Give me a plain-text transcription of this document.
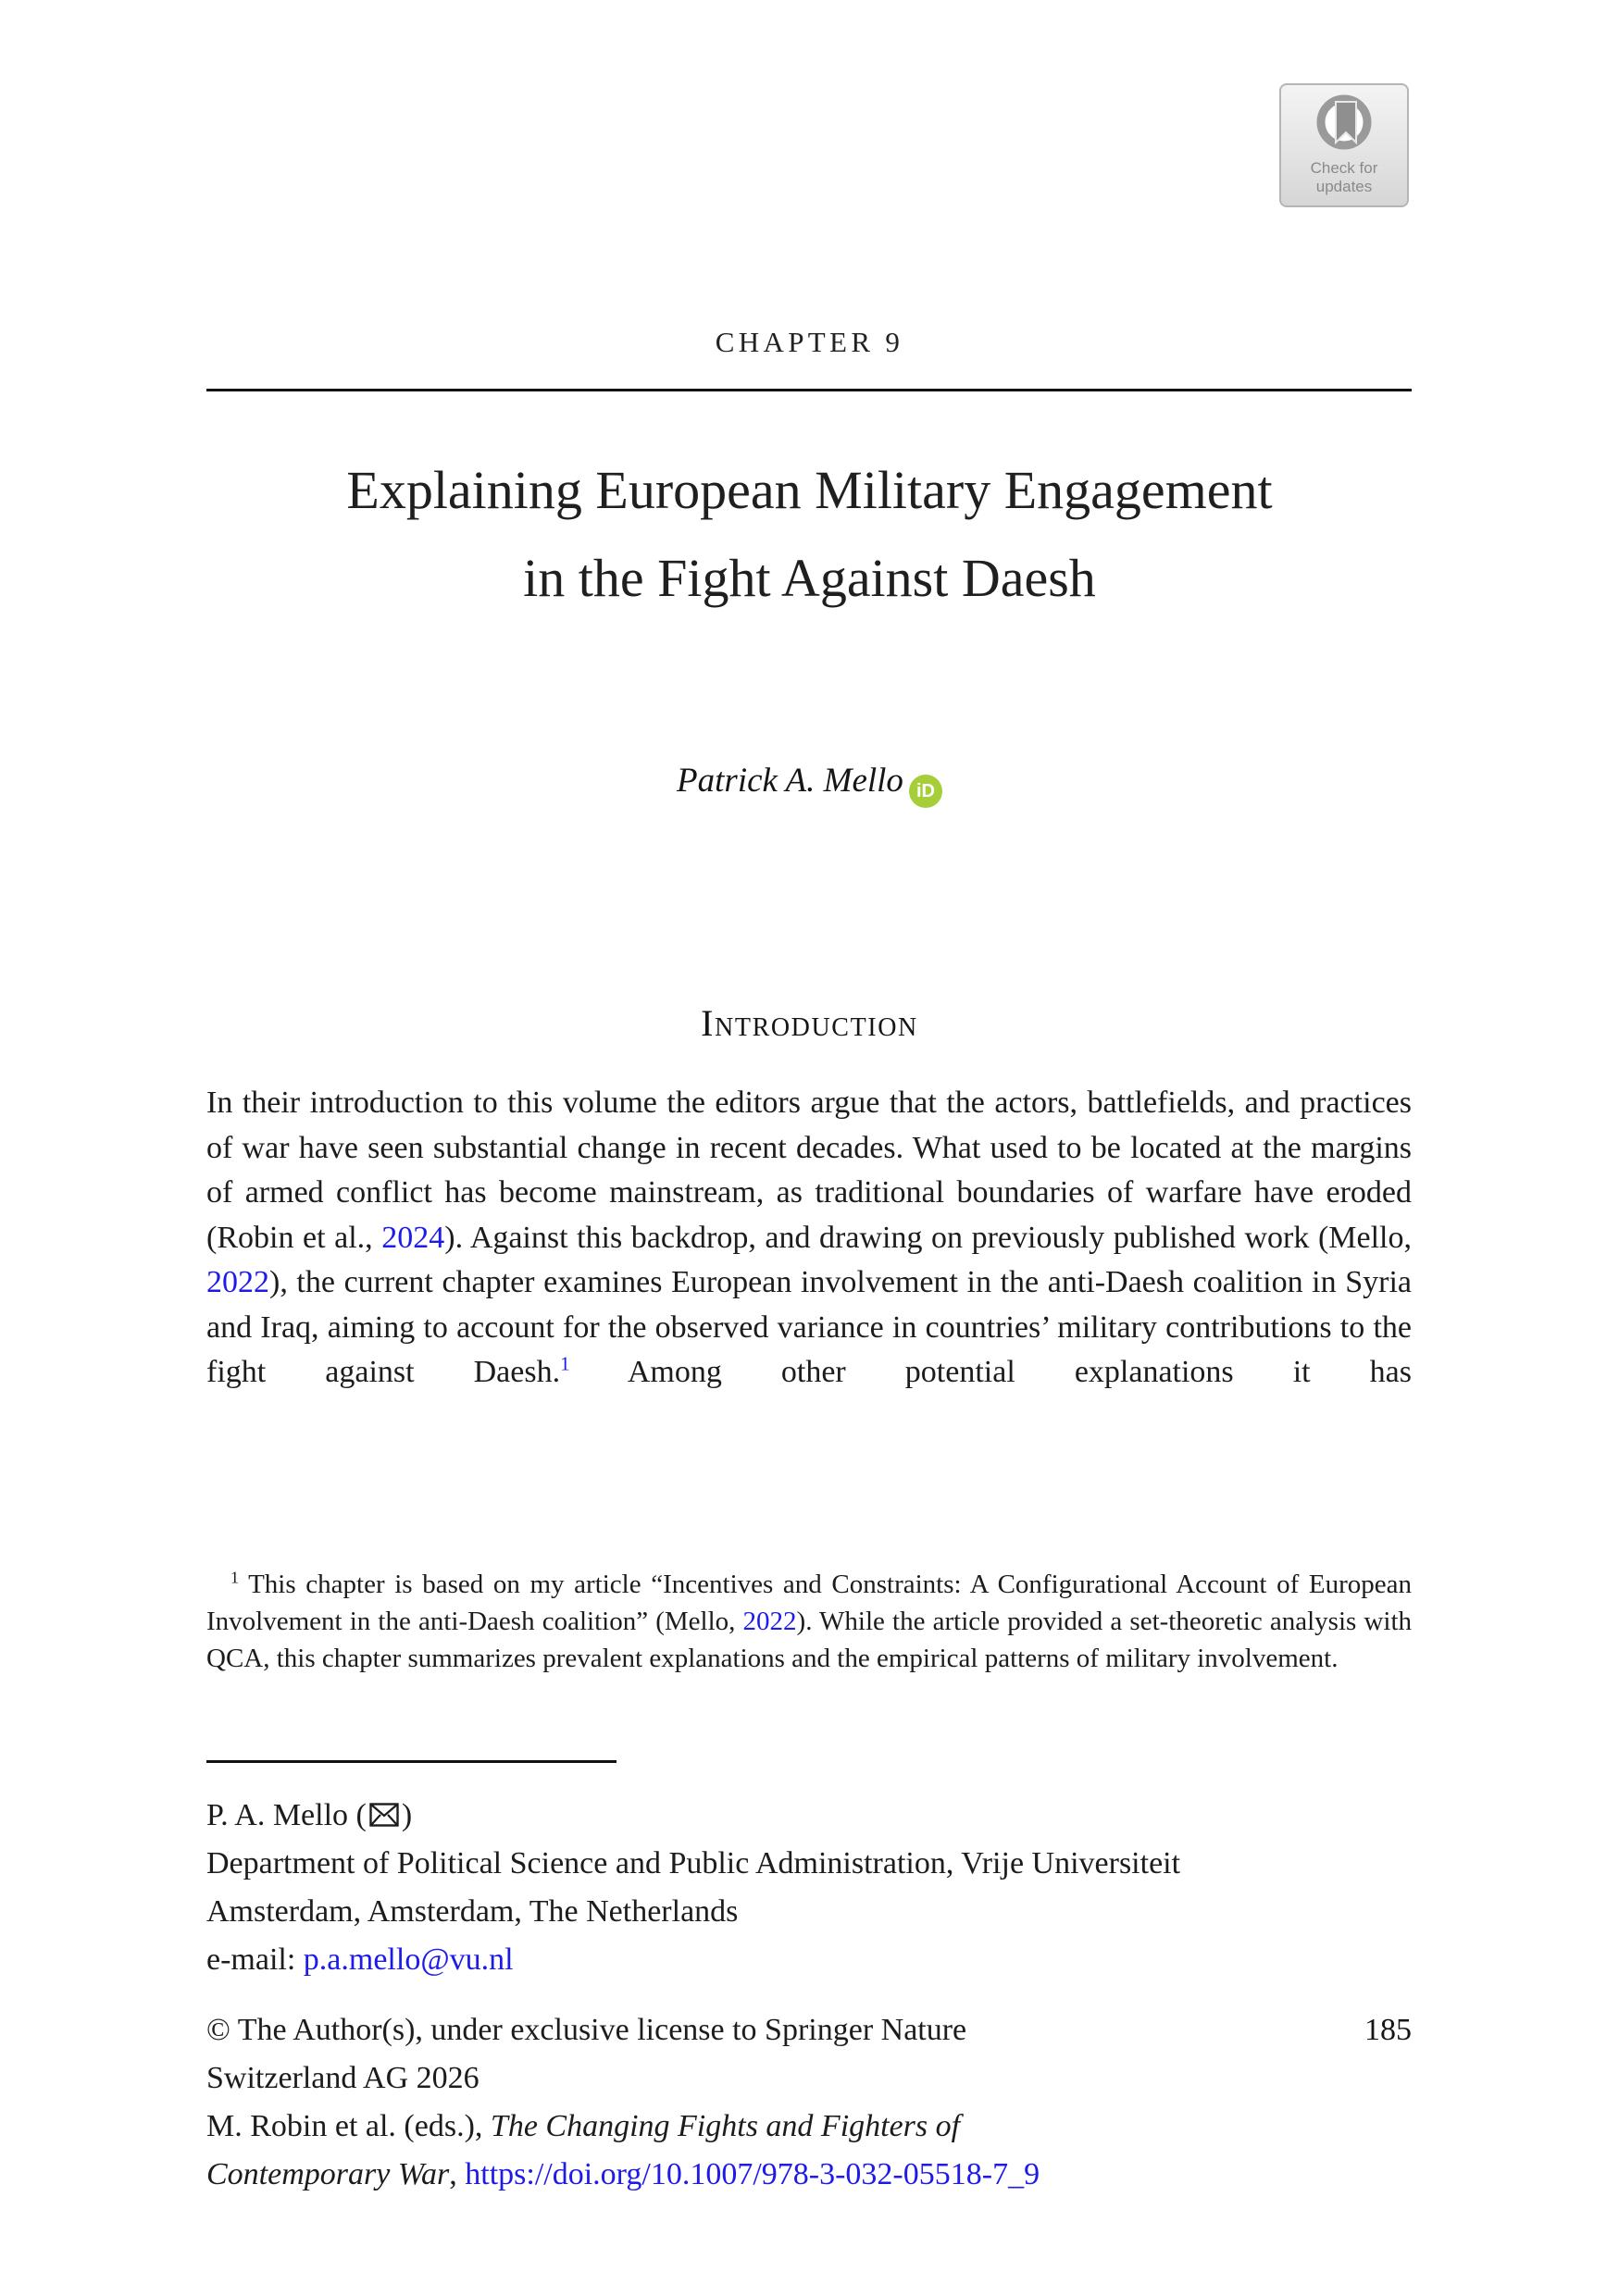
Check for
updates
CHAPTER 9
Explaining European Military Engagement
in the Fight Against Daesh
Patrick A. Mello iD
Introduction

In their introduction to this volume the editors argue that the actors, battlefields, and practices of war have seen substantial change in recent decades. What used to be located at the margins of armed conflict has become mainstream, as traditional boundaries of warfare have eroded (Robin et al., 2024). Against this backdrop, and drawing on previously published work (Mello, 2022), the current chapter examines European involvement in the anti-Daesh coalition in Syria and Iraq, aiming to account for the observed variance in countries’ military contributions to the fight against Daesh.$^1$ Among other potential explanations it has

$^1$ This chapter is based on my article “Incentives and Constraints: A Configurational Account of European Involvement in the anti-Daesh coalition” (Mello, 2022). While the article provided a set-theoretic analysis with QCA, this chapter summarizes prevalent explanations and the empirical patterns of military involvement.

P. A. Mello ( )
Department of Political Science and Public Administration, Vrije Universiteit
Amsterdam, Amsterdam, The Netherlands
e-mail: p.a.mello@vu.nl
185
© The Author(s), under exclusive license to Springer Nature
Switzerland AG 2026
M. Robin et al. (eds.), The Changing Fights and Fighters of
Contemporary War, https://doi.org/10.1007/978-3-032-05518-7_9
